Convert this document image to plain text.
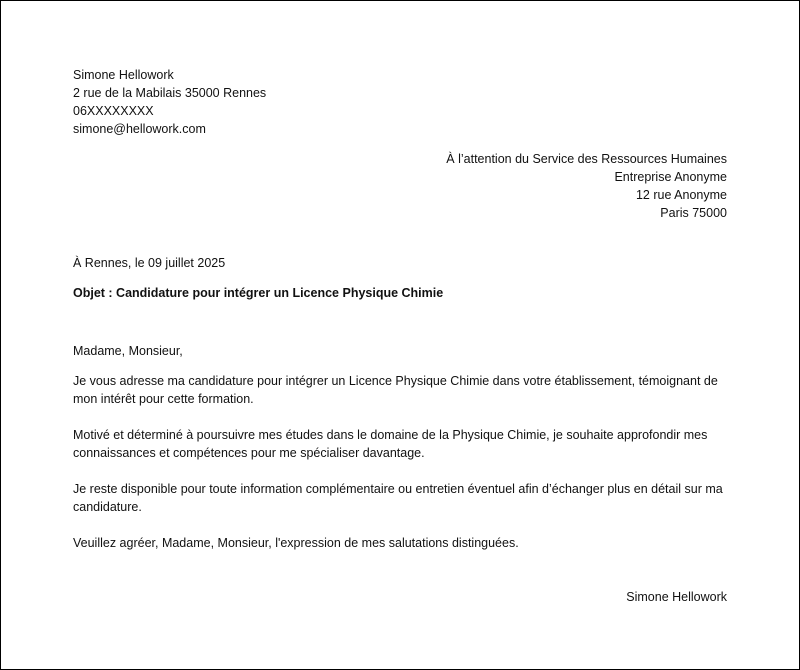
Simone Hellowork
2 rue de la Mabilais 35000 Rennes
06XXXXXXXX
simone@hellowork.com
À l’attention du Service des Ressources Humaines
Entreprise Anonyme
12 rue Anonyme
Paris 75000
À Rennes, le 09 juillet 2025
Objet : Candidature pour intégrer un Licence Physique Chimie

Madame, Monsieur,

Je vous adresse ma candidature pour intégrer un Licence Physique Chimie dans votre établissement, témoignant de mon intérêt pour cette formation.

Motivé et déterminé à poursuivre mes études dans le domaine de la Physique Chimie, je souhaite approfondir mes connaissances et compétences pour me spécialiser davantage.

Je reste disponible pour toute information complémentaire ou entretien éventuel afin d’échanger plus en détail sur ma candidature.

Veuillez agréer, Madame, Monsieur, l'expression de mes salutations distinguées.

Simone Hellowork
